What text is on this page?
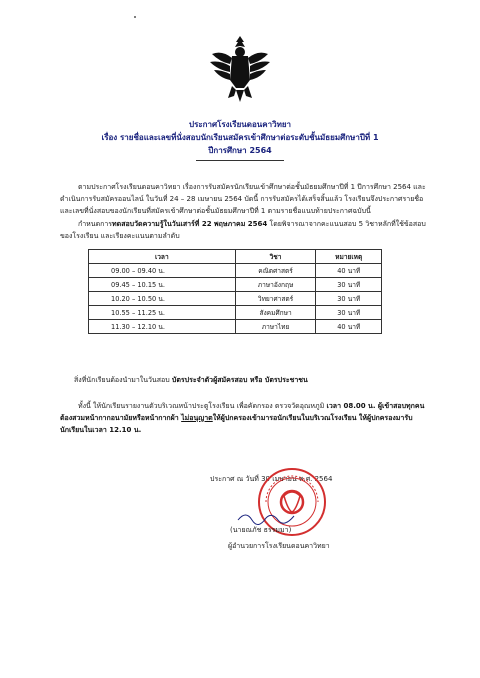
ประกาศโรงเรียนดอนคาวิทยา
เรื่อง รายชื่อและเลขที่นั่งสอบนักเรียนสมัครเข้าศึกษาต่อระดับชั้นมัธยมศึกษาปีที่ 1
ปีการศึกษา 2564
ตามประกาศโรงเรียนดอนคาวิทยา เรื่องการรับสมัครนักเรียนเข้าศึกษาต่อชั้นมัธยมศึกษาปีที่ 1 ปีการศึกษา 2564 และดำเนินการรับสมัครออนไลน์ ในวันที่ 24 – 28 เมษายน 2564 บัดนี้ การรับสมัครได้เสร็จสิ้นแล้ว โรงเรียนจึงประกาศรายชื่อและเลขที่นั่งสอบของนักเรียนที่สมัครเข้าศึกษาต่อชั้นมัธยมศึกษาปีที่ 1 ตามรายชื่อแนบท้ายประกาศฉบับนี้
กำหนดการทดสอบวัดความรู้ในวันเสาร์ที่ 22 พฤษภาคม 2564 โดยพิจารณาจากคะแนนสอบ 5 วิชาหลักที่ใช้ข้อสอบของโรงเรียน และเรียงคะแนนตามลำดับ
เวลา	วิชา	หมายเหตุ
09.00 – 09.40 น.	คณิตศาสตร์	40 นาที
09.45 – 10.15 น.	ภาษาอังกฤษ	30 นาที
10.20 – 10.50 น.	วิทยาศาสตร์	30 นาที
10.55 – 11.25 น.	สังคมศึกษา	30 นาที
11.30 – 12.10 น.	ภาษาไทย	40 นาที
สิ่งที่นักเรียนต้องนำมาในวันสอบ บัตรประจำตัวผู้สมัครสอบ หรือ บัตรประชาชน
ทั้งนี้ ให้นักเรียนรายงานตัวบริเวณหน้าประตูโรงเรียน เพื่อคัดกรอง ตรวจวัดอุณหภูมิ เวลา 08.00 น. ผู้เข้าสอบทุกคนต้องสวมหน้ากากอนามัยหรือหน้ากากผ้า ไม่อนุญาตให้ผู้ปกครองเข้ามารอนักเรียนในบริเวณโรงเรียน ให้ผู้ปกครองมารับนักเรียนในเวลา 12.10 น.
ประกาศ ณ วันที่ 30 เมษายน พ.ศ. 2564
(นายณภัช ธรรมมา)
ผู้อำนวยการโรงเรียนดอนคาวิทยา
